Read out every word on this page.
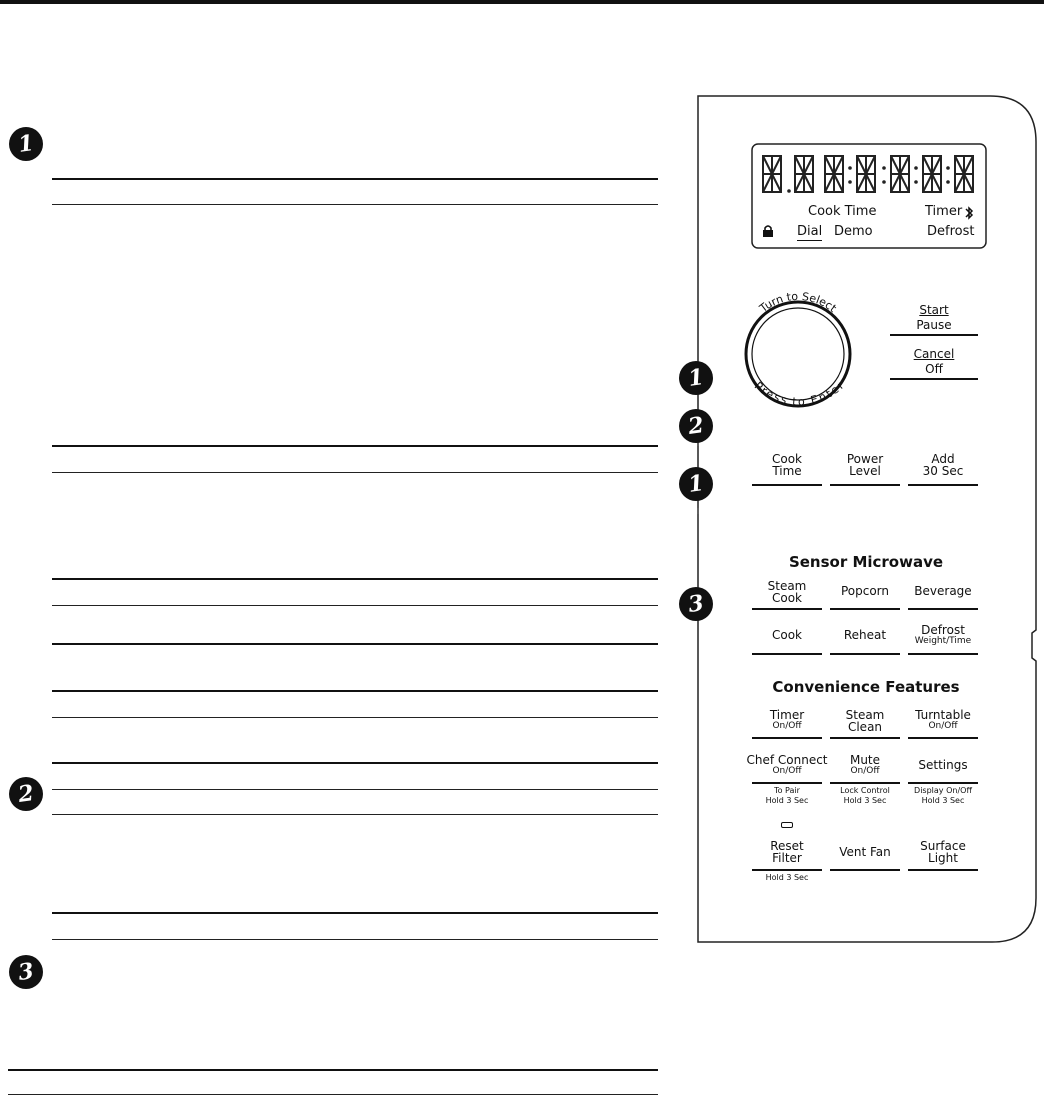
1
2
3
Cook Time	Timer
Dial Demo	Defrost
Turn to Select
Press to Enter
Start
Pause
Cancel
Off
1
2
1
3
Cook
Time
Power
Level
Add
30 Sec
Sensor Microwave
Steam
Cook	Popcorn	Beverage
Cook	Reheat	Defrost
Weight/Time
Convenience Features
Timer
On/Off
Steam
Clean
Turntable
On/Off
Chef Connect
On/Off
To Pair
Hold 3 Sec
Mute
On/Off
Lock Control
Hold 3 Sec
Settings
Display On/Off
Hold 3 Sec
Reset
Filter
Hold 3 Sec
Vent Fan	Surface
Light
